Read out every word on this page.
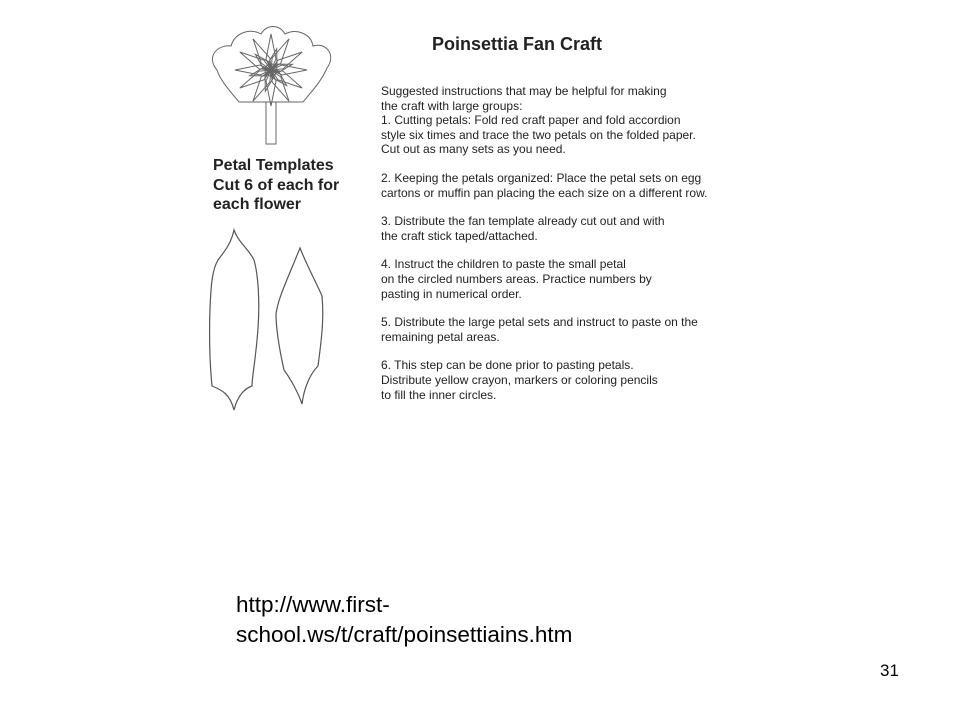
Petal Templates
Cut 6 of each for
each flower
Poinsettia Fan Craft

Suggested instructions that may be helpful for making
the craft with large groups:
1. Cutting petals: Fold red craft paper and fold accordion
style six times and trace the two petals on the folded paper.
Cut out as many sets as you need.

2. Keeping the petals organized: Place the petal sets on egg
cartons or muffin pan placing the each size on a different row.

3. Distribute the fan template already cut out and with
the craft stick taped/attached.

4. Instruct the children to paste the small petal
on the circled numbers areas. Practice numbers by
pasting in numerical order.

5. Distribute the large petal sets and instruct to paste on the
remaining petal areas.

6. This step can be done prior to pasting petals.
Distribute yellow crayon, markers or coloring pencils
to fill the inner circles.

http://www.first-
school.ws/t/craft/poinsettiains.htm
31
